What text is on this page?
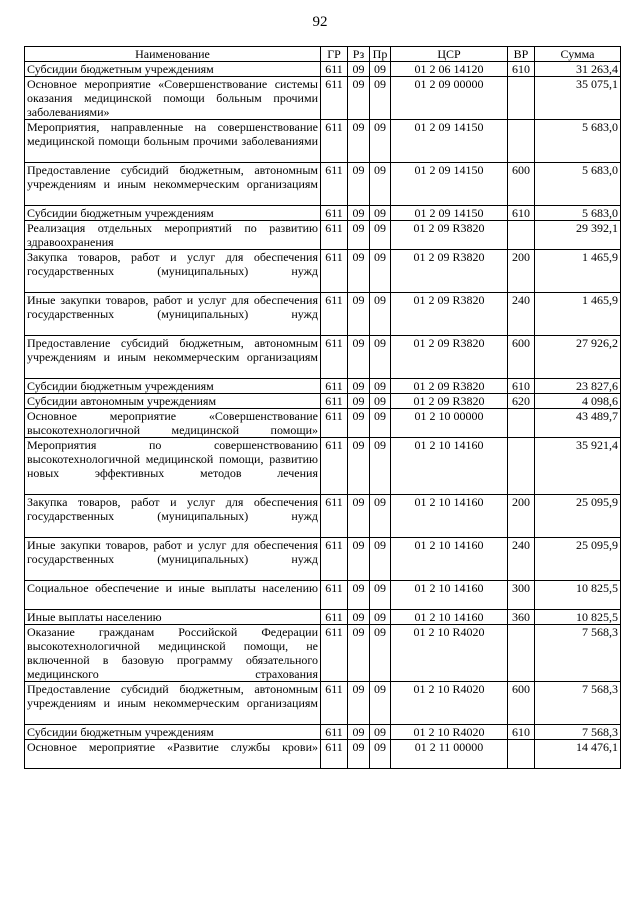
92
Наименование	ГР	Рз	Пр	ЦСР	ВР	Сумма
Субсидии бюджетным учреждениям	611	09	09	01 2 06 14120	610	31 263,4
Основное мероприятие «Совершенствование системы оказания медицинской помощи больным прочими заболеваниями»	611	09	09	01 2 09 00000		35 075,1
Мероприятия, направленные на совершенствование медицинской помощи больным прочими заболеваниями	611	09	09	01 2 09 14150		5 683,0
Предоставление субсидий бюджетным, автономным учреждениям и иным некоммерческим организациям	611	09	09	01 2 09 14150	600	5 683,0
Субсидии бюджетным учреждениям	611	09	09	01 2 09 14150	610	5 683,0
Реализация отдельных мероприятий по развитию здравоохранения	611	09	09	01 2 09 R3820		29 392,1
Закупка товаров, работ и услуг для обеспечения государственных (муниципальных) нужд	611	09	09	01 2 09 R3820	200	1 465,9
Иные закупки товаров, работ и услуг для обеспечения государственных (муниципальных) нужд	611	09	09	01 2 09 R3820	240	1 465,9
Предоставление субсидий бюджетным, автономным учреждениям и иным некоммерческим организациям	611	09	09	01 2 09 R3820	600	27 926,2
Субсидии бюджетным учреждениям	611	09	09	01 2 09 R3820	610	23 827,6
Субсидии автономным учреждениям	611	09	09	01 2 09 R3820	620	4 098,6
Основное мероприятие «Совершенствование высокотехнологичной медицинской помощи»	611	09	09	01 2 10 00000		43 489,7
Мероприятия по совершенствованию высокотехнологичной медицинской помощи, развитию новых эффективных методов лечения	611	09	09	01 2 10 14160		35 921,4
Закупка товаров, работ и услуг для обеспечения государственных (муниципальных) нужд	611	09	09	01 2 10 14160	200	25 095,9
Иные закупки товаров, работ и услуг для обеспечения государственных (муниципальных) нужд	611	09	09	01 2 10 14160	240	25 095,9
Социальное обеспечение и иные выплаты населению	611	09	09	01 2 10 14160	300	10 825,5
Иные выплаты населению	611	09	09	01 2 10 14160	360	10 825,5
Оказание гражданам Российской Федерации высокотехнологичной медицинской помощи, не включенной в базовую программу обязательного медицинского страхования	611	09	09	01 2 10 R4020		7 568,3
Предоставление субсидий бюджетным, автономным учреждениям и иным некоммерческим организациям	611	09	09	01 2 10 R4020	600	7 568,3
Субсидии бюджетным учреждениям	611	09	09	01 2 10 R4020	610	7 568,3
Основное мероприятие «Развитие службы крови»	611	09	09	01 2 11 00000		14 476,1
